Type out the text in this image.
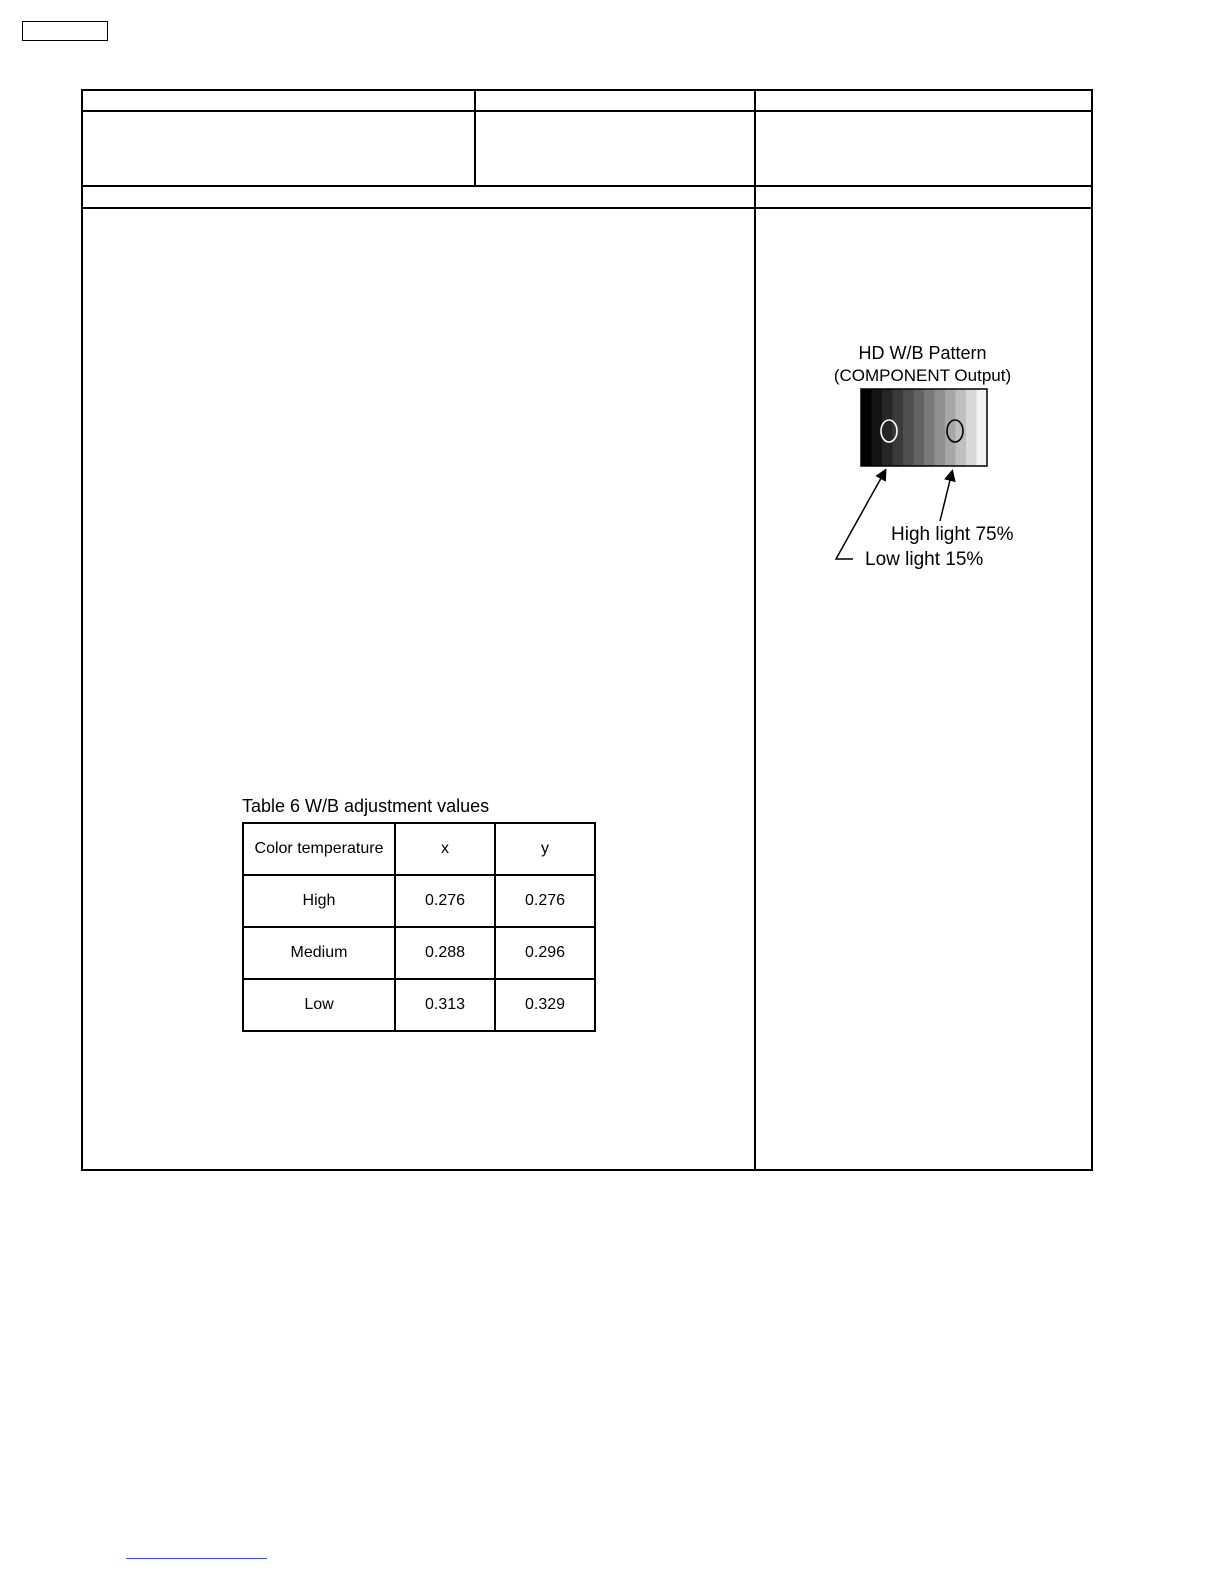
HD W/B Pattern
(COMPONENT Output)
High light 75%
Low light 15%
Table 6 W/B adjustment values
Color temperature	x	y
High	0.276	0.276
Medium	0.288	0.296
Low	0.313	0.329
